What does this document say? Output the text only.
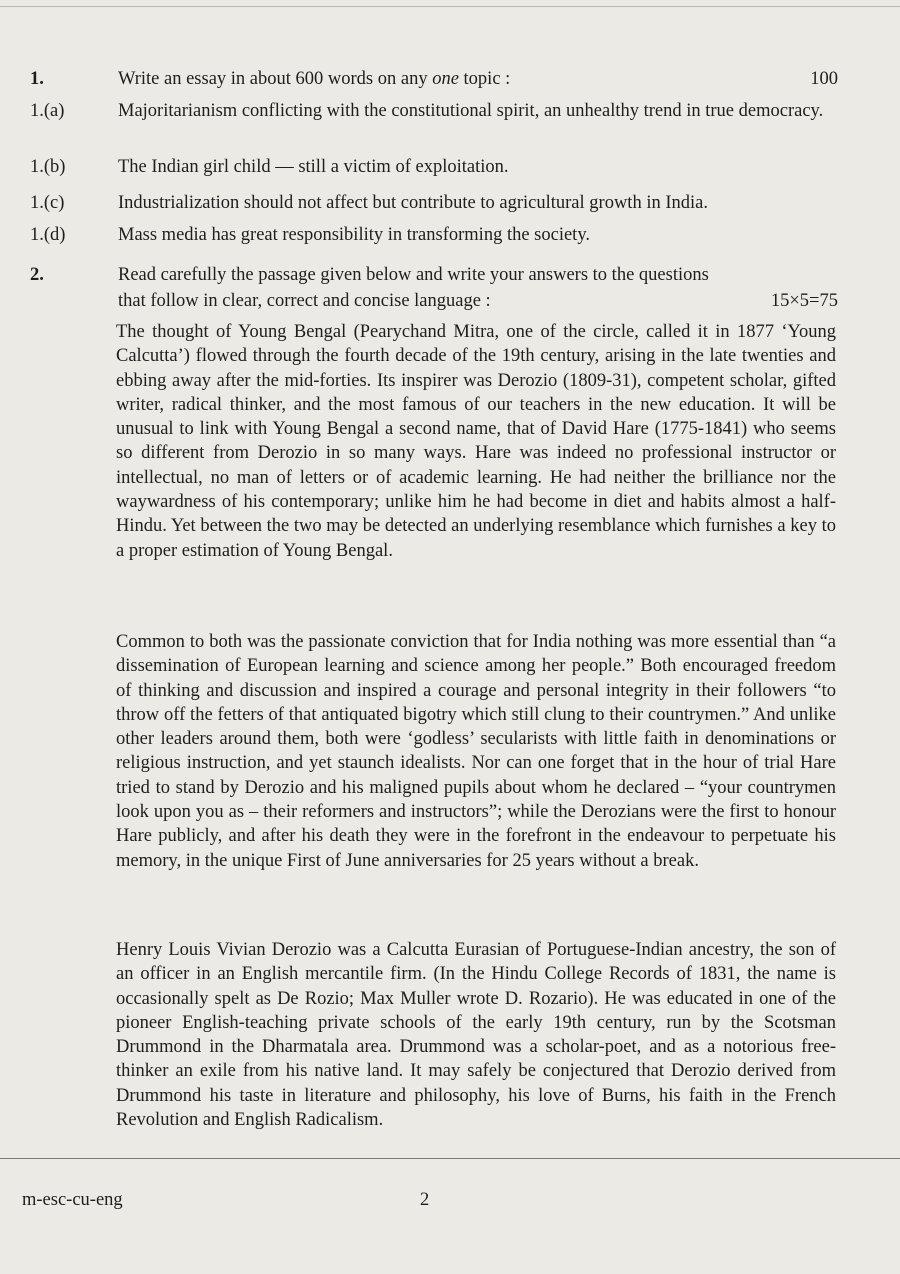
1.	Write an essay in about 600 words on any one topic :	100
1.(a)	Majoritarianism conflicting with the constitutional spirit, an unhealthy trend in true democracy.
1.(b)	The Indian girl child — still a victim of exploitation.
1.(c)	Industrialization should not affect but contribute to agricultural growth in India.
1.(d)	Mass media has great responsibility in transforming the society.
2.	Read carefully the passage given below and write your answers to the questions that follow in clear, correct and concise language :	15×5=75
The thought of Young Bengal (Pearychand Mitra, one of the circle, called it in 1877 ‘Young Calcutta’) flowed through the fourth decade of the 19th century, arising in the late twenties and ebbing away after the mid-forties. Its inspirer was Derozio (1809-31), competent scholar, gifted writer, radical thinker, and the most famous of our teachers in the new education. It will be unusual to link with Young Bengal a second name, that of David Hare (1775-1841) who seems so different from Derozio in so many ways. Hare was indeed no professional instructor or intellectual, no man of letters or of academic learning. He had neither the brilliance nor the waywardness of his contemporary; unlike him he had become in diet and habits almost a half-Hindu. Yet between the two may be detected an underlying resemblance which furnishes a key to a proper estimation of Young Bengal.
Common to both was the passionate conviction that for India nothing was more essential than “a dissemination of European learning and science among her people.” Both encouraged freedom of thinking and discussion and inspired a courage and personal integrity in their followers “to throw off the fetters of that antiquated bigotry which still clung to their countrymen.” And unlike other leaders around them, both were ‘godless’ secularists with little faith in denominations or religious instruction, and yet staunch idealists. Nor can one forget that in the hour of trial Hare tried to stand by Derozio and his maligned pupils about whom he declared – “your countrymen look upon you as – their reformers and instructors”; while the Derozians were the first to honour Hare publicly, and after his death they were in the forefront in the endeavour to perpetuate his memory, in the unique First of June anniversaries for 25 years without a break.
Henry Louis Vivian Derozio was a Calcutta Eurasian of Portuguese-Indian ancestry, the son of an officer in an English mercantile firm. (In the Hindu College Records of 1831, the name is occasionally spelt as De Rozio; Max Muller wrote D. Rozario). He was educated in one of the pioneer English-teaching private schools of the early 19th century, run by the Scotsman Drummond in the Dharmatala area. Drummond was a scholar-poet, and as a notorious free-thinker an exile from his native land. It may safely be conjectured that Derozio derived from Drummond his taste in literature and philosophy, his love of Burns, his faith in the French Revolution and English Radicalism.
m-esc-cu-eng	2
